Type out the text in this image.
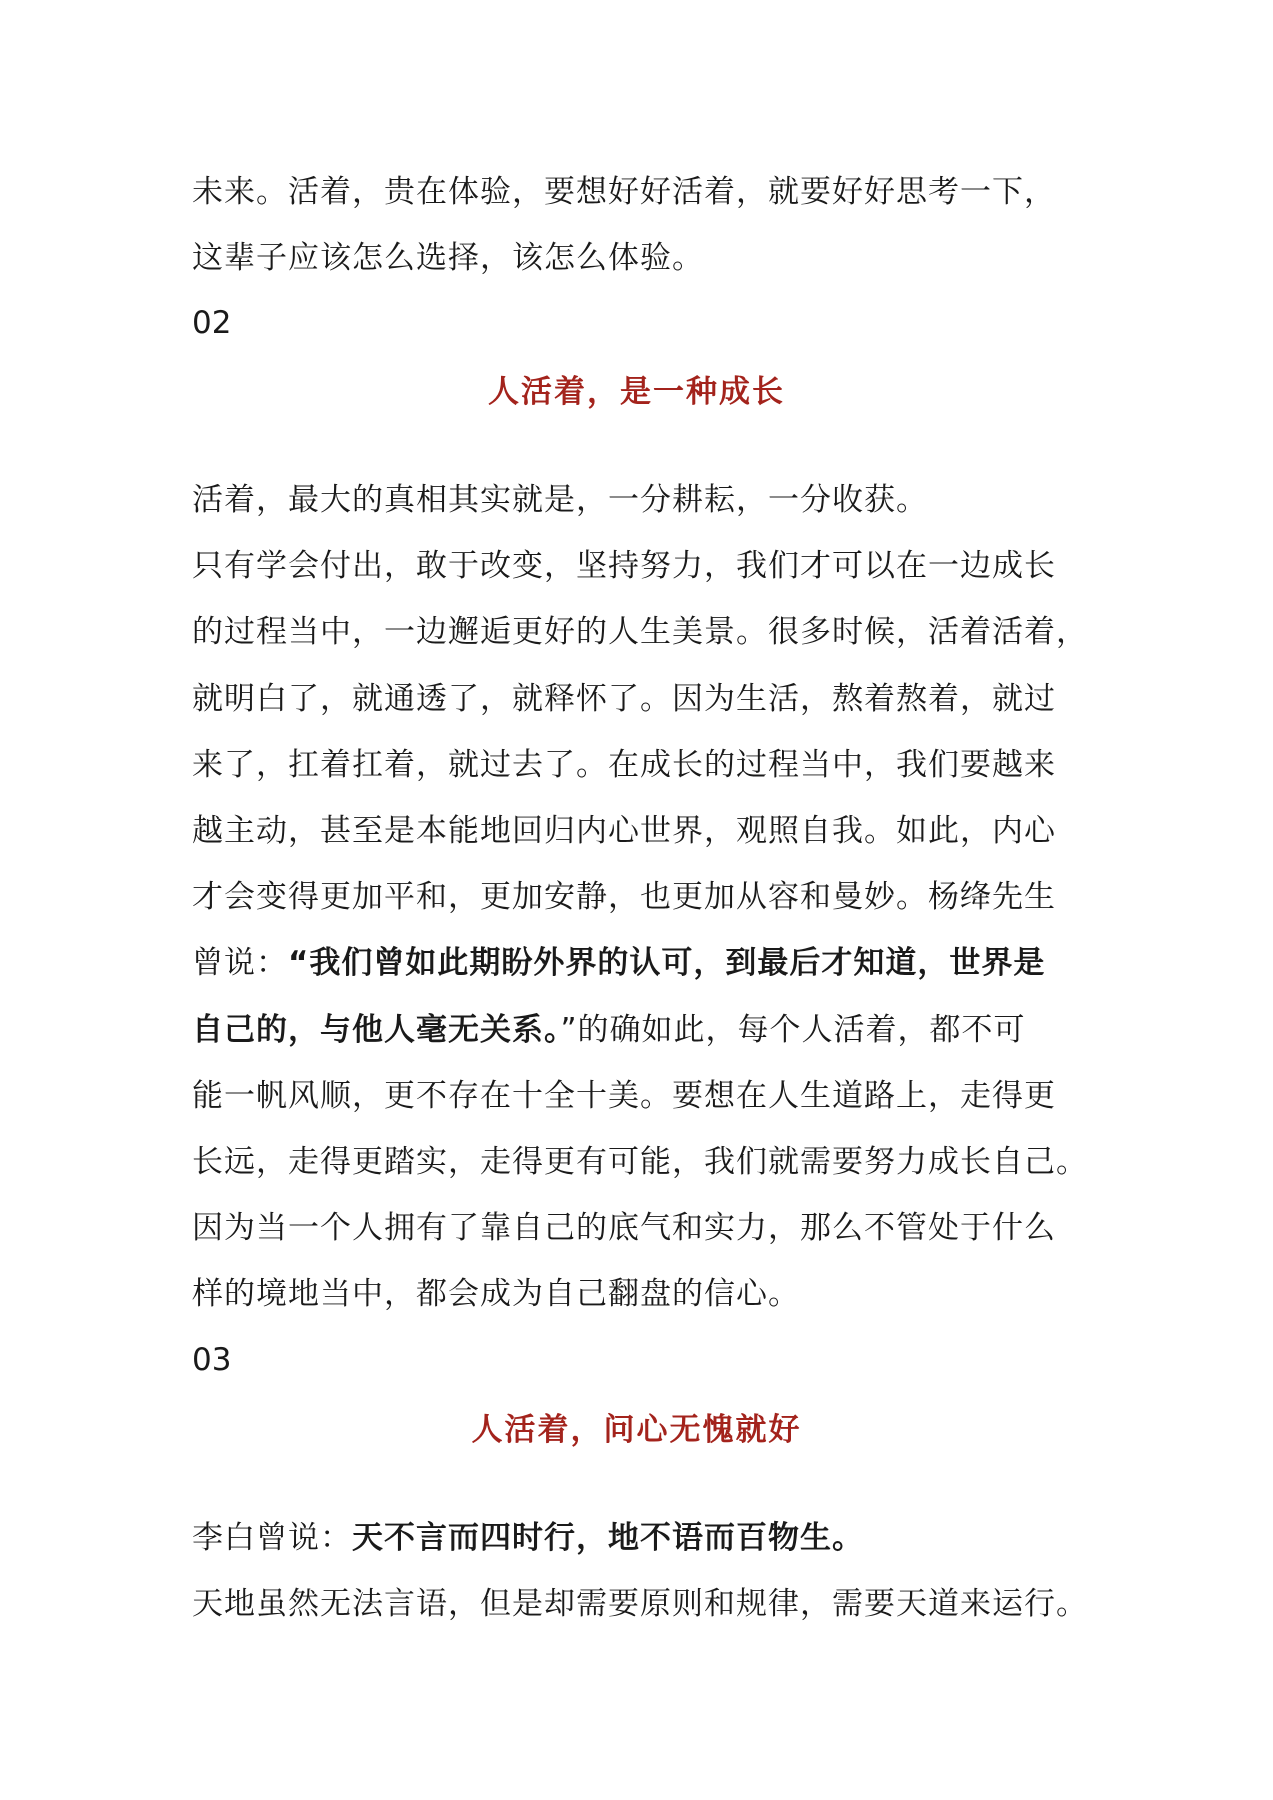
未来。活着，贵在体验，要想好好活着，就要好好思考一下，
这辈子应该怎么选择，该怎么体验。
02
人活着，是一种成长
活着，最大的真相其实就是，一分耕耘，一分收获。
只有学会付出，敢于改变，坚持努力，我们才可以在一边成长
的过程当中，一边邂逅更好的人生美景。很多时候，活着活着，
就明白了，就通透了，就释怀了。因为生活，熬着熬着，就过
来了，扛着扛着，就过去了。在成长的过程当中，我们要越来
越主动，甚至是本能地回归内心世界，观照自我。如此，内心
才会变得更加平和，更加安静，也更加从容和曼妙。杨绛先生
曾说：“我们曾如此期盼外界的认可，到最后才知道，世界是
自己的，与他人毫无关系。”的确如此，每个人活着，都不可
能一帆风顺，更不存在十全十美。要想在人生道路上，走得更
长远，走得更踏实，走得更有可能，我们就需要努力成长自己。
因为当一个人拥有了靠自己的底气和实力，那么不管处于什么
样的境地当中，都会成为自己翻盘的信心。
03
人活着，问心无愧就好
李白曾说：天不言而四时行，地不语而百物生。
天地虽然无法言语，但是却需要原则和规律，需要天道来运行。
